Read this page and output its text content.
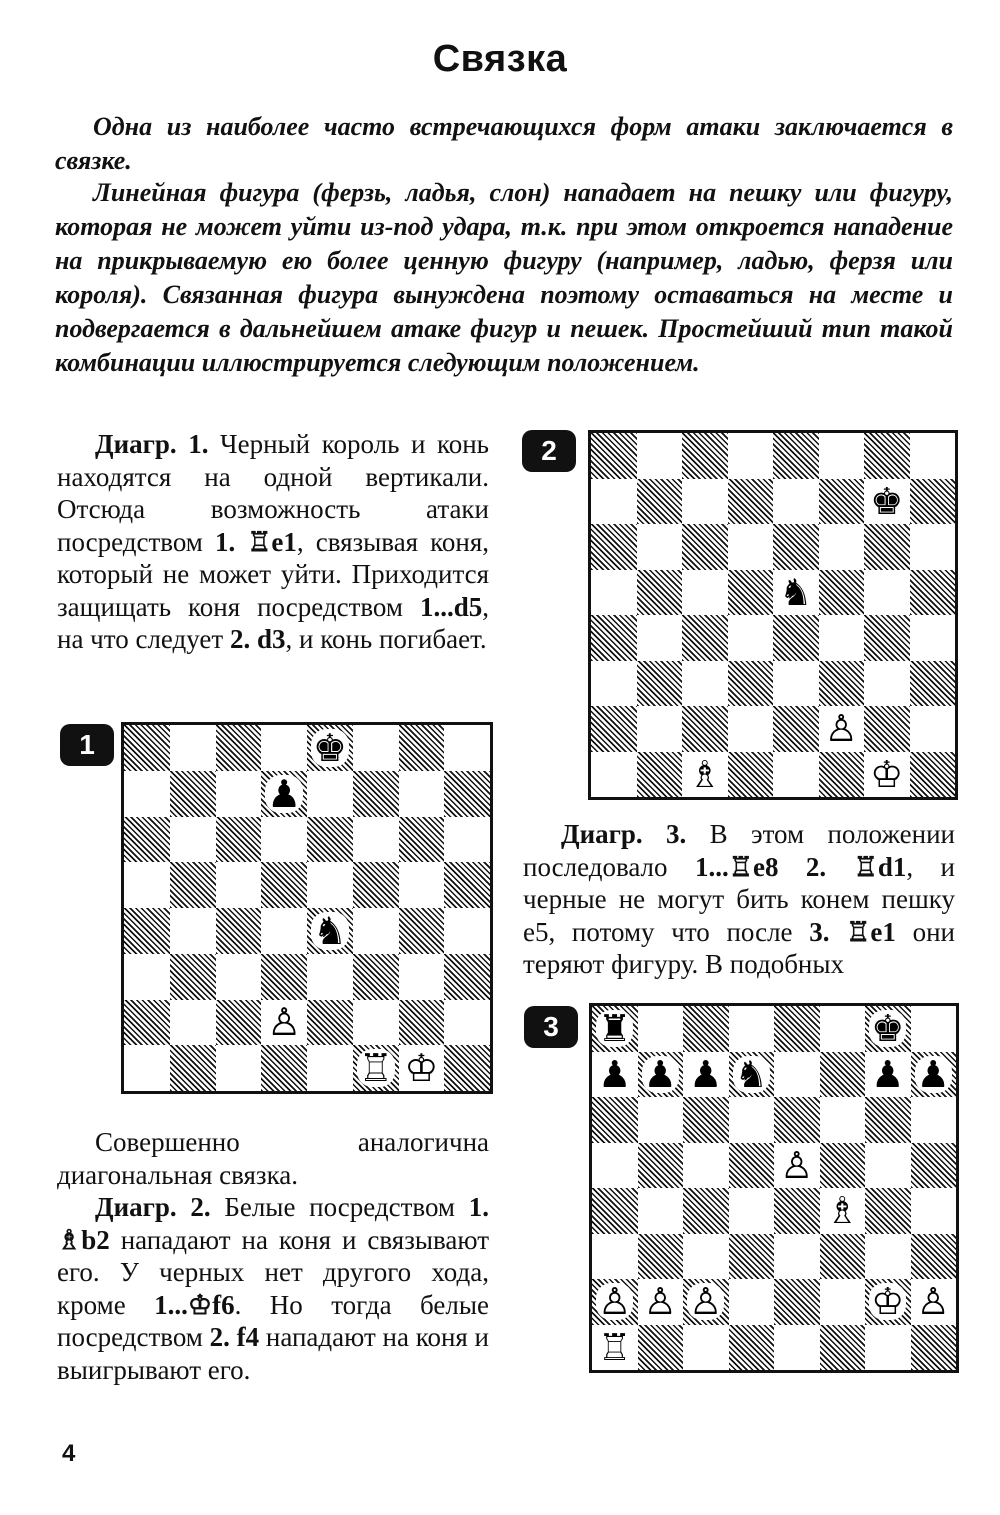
Связка

Одна из наиболее часто встречающихся форм атаки заключается в связке.

Линейная фигура (ферзь, ладья, слон) нападает на пешку или фигуру, которая не может уйти из-под удара, т.к. при этом откроется нападение на прикрываемую ею более ценную фигуру (например, ладью, ферзя или короля). Связанная фигура вынуждена поэтому оставаться на месте и подвергается в дальнейшем атаке фигур и пешек. Простейший тип такой комбинации иллюстрируется следующим положением.

Диагр. 1. Черный король и конь находятся на одной вертикали. Отсюда возможность атаки посредством 1. ♖e1, связывая коня, который не может уйти. Приходится защищать коня посредством 1...d5, на что следует 2. d3, и конь погибает.

1	♚
♟
♞
♙
♖ ♔

Совершенно аналогична диагональная связка.

Диагр. 2. Белые посредством 1. ♗b2 нападают на коня и связывают его. У черных нет другого хода, кроме 1...♔f6. Но тогда белые посредством 2. f4 нападают на коня и выигрывают его.

2
♚
♞
♙
♗	♔

Диагр. 3. В этом положении последовало 1...♖e8 2. ♖d1, и черные не могут бить конем пешку e5, потому что после 3. ♖e1 они теряют фигуру. В подобных

3	♜	♚
♟ ♟ ♟ ♞	♟ ♟
♙
♗
♙ ♙ ♙	♔ ♙
♖
4
